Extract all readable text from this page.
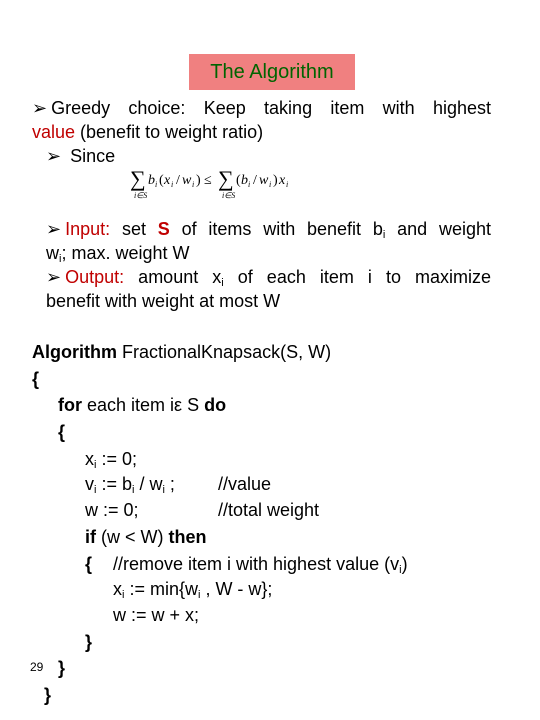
The Algorithm
➢ Greedy choice: Keep taking item with highest
value (benefit to weight ratio)
➢ Since
∑
i∈S
b i ( x i / w i ) ≤ ∑
i∈S
( b i / w i ) x i
➢ Input: set S of items with benefit $b_i$ and weight
$w_i$; max. weight W
➢ Output: amount $x_i$ of each item i to maximize
benefit with weight at most W
Algorithm FractionalKnapsack(S, W)
{
for each item iε S do
{
$x_i$ := 0;
$v_i$ := $b_i / w_i$ ; //value
w := 0;	//total weight
if (w < W) then
{ //remove item i with highest value $(v_i)$
$x_i$ := $\min\{w_i$ , W - w};
w := w + x;
}
29 }
}
